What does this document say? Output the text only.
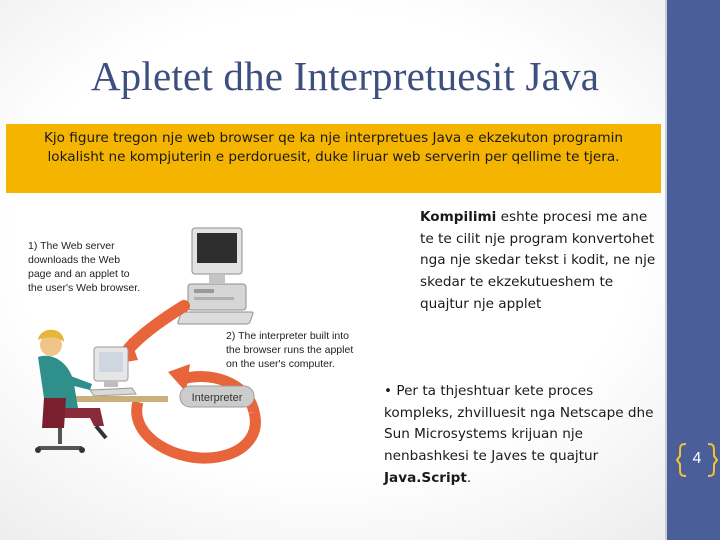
Apletet dhe Interpretuesit Java
Kjo figure tregon nje web browser qe ka nje interpretues Java e ekzekuton programin lokalisht ne kompjuterin e perdoruesit, duke liruar web serverin per qellime te tjera.
1) The Web server
downloads the Web
page and an applet to
the user's Web browser.
2) The interpreter built into
the browser runs the applet
on the user's computer.
Interpreter
Kompilimi eshte procesi me ane te te cilit nje program konvertohet nga nje skedar tekst i kodit, ne nje skedar te ekzekutueshem te quajtur nje applet
• Per ta thjeshtuar kete proces kompleks, zhvilluesit nga Netscape dhe Sun Microsystems krijuan nje nenbashkesi te Javes te quajtur Java.Script.
4
